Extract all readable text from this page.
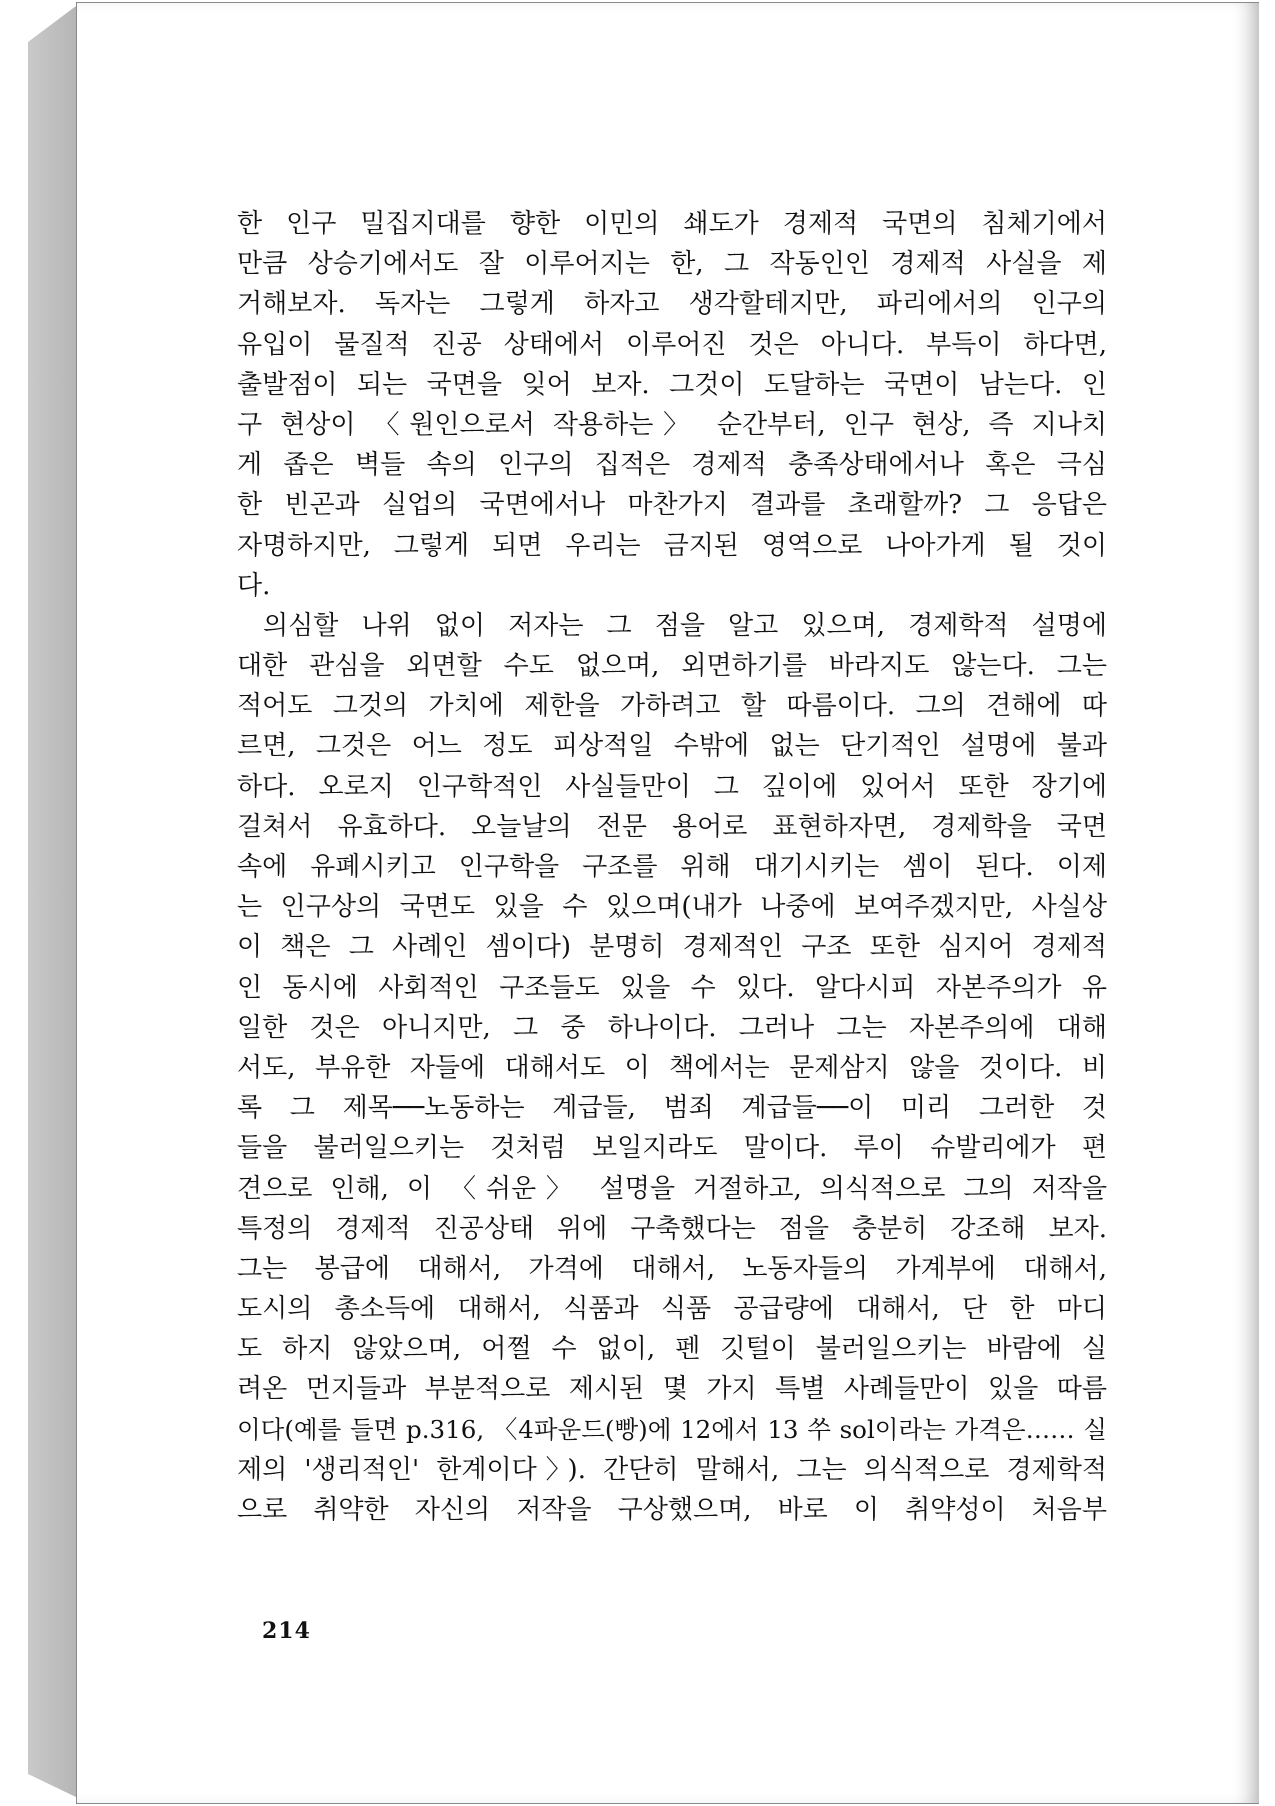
한 인구 밀집지대를 향한 이민의 쇄도가 경제적 국면의 침체기에서
만큼 상승기에서도 잘 이루어지는 한, 그 작동인인 경제적 사실을 제
거해보자. 독자는 그렇게 하자고 생각할테지만, 파리에서의 인구의
유입이 물질적 진공 상태에서 이루어진 것은 아니다. 부득이 하다면,
출발점이 되는 국면을 잊어 보자. 그것이 도달하는 국면이 남는다. 인
구 현상이 〈원인으로서 작용하는〉 순간부터, 인구 현상, 즉 지나치
게 좁은 벽들 속의 인구의 집적은 경제적 충족상태에서나 혹은 극심
한 빈곤과 실업의 국면에서나 마찬가지 결과를 초래할까? 그 응답은
자명하지만, 그렇게 되면 우리는 금지된 영역으로 나아가게 될 것이
다.
의심할 나위 없이 저자는 그 점을 알고 있으며, 경제학적 설명에
대한 관심을 외면할 수도 없으며, 외면하기를 바라지도 않는다. 그는
적어도 그것의 가치에 제한을 가하려고 할 따름이다. 그의 견해에 따
르면, 그것은 어느 정도 피상적일 수밖에 없는 단기적인 설명에 불과
하다. 오로지 인구학적인 사실들만이 그 깊이에 있어서 또한 장기에
걸쳐서 유효하다. 오늘날의 전문 용어로 표현하자면, 경제학을 국면
속에 유폐시키고 인구학을 구조를 위해 대기시키는 셈이 된다. 이제
는 인구상의 국면도 있을 수 있으며(내가 나중에 보여주겠지만, 사실상
이 책은 그 사례인 셈이다) 분명히 경제적인 구조 또한 심지어 경제적
인 동시에 사회적인 구조들도 있을 수 있다. 알다시피 자본주의가 유
일한 것은 아니지만, 그 중 하나이다. 그러나 그는 자본주의에 대해
서도, 부유한 자들에 대해서도 이 책에서는 문제삼지 않을 것이다. 비
록 그 제목──노동하는 계급들, 범죄 계급들──이 미리 그러한 것
들을 불러일으키는 것처럼 보일지라도 말이다. 루이 슈발리에가 편
견으로 인해, 이 〈쉬운〉 설명을 거절하고, 의식적으로 그의 저작을
특정의 경제적 진공상태 위에 구축했다는 점을 충분히 강조해 보자.
그는 봉급에 대해서, 가격에 대해서, 노동자들의 가계부에 대해서,
도시의 총소득에 대해서, 식품과 식품 공급량에 대해서, 단 한 마디
도 하지 않았으며, 어쩔 수 없이, 펜 깃털이 불러일으키는 바람에 실
려온 먼지들과 부분적으로 제시된 몇 가지 특별 사례들만이 있을 따름
이다(예를 들면 p.316, 〈4파운드(빵)에 12에서 13 쑤 sol이라는 가격은…… 실
제의 '생리적인' 한계이다〉). 간단히 말해서, 그는 의식적으로 경제학적
으로 취약한 자신의 저작을 구상했으며, 바로 이 취약성이 처음부
214
